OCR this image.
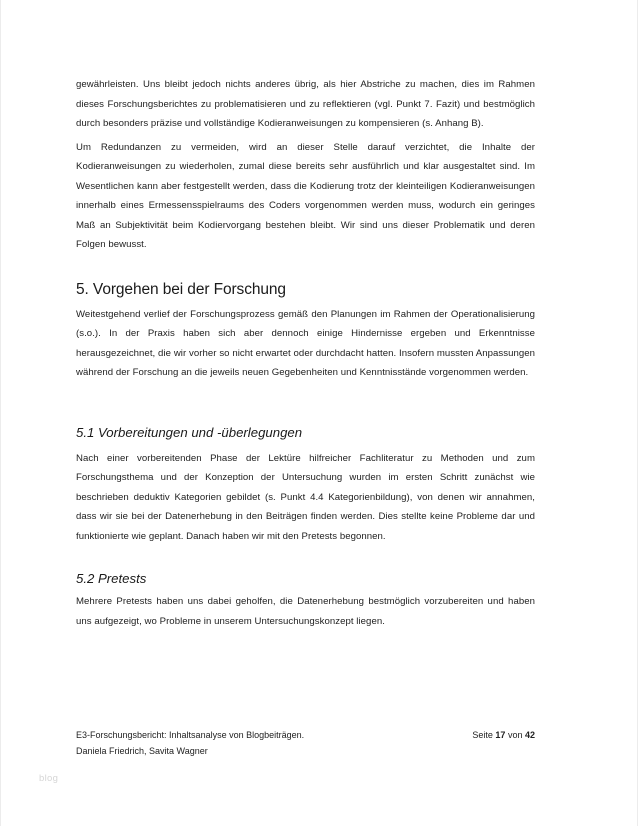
gewährleisten. Uns bleibt jedoch nichts anderes übrig, als hier Abstriche zu machen, dies im Rahmen dieses Forschungsberichtes zu problematisieren und zu reflektieren (vgl. Punkt 7. Fazit) und bestmöglich durch besonders präzise und vollständige Kodieranweisungen zu kompensieren (s. Anhang B).

Um Redundanzen zu vermeiden, wird an dieser Stelle darauf verzichtet, die Inhalte der Kodieranweisungen zu wiederholen, zumal diese bereits sehr ausführlich und klar ausgestaltet sind. Im Wesentlichen kann aber festgestellt werden, dass die Kodierung trotz der kleinteiligen Kodieranweisungen innerhalb eines Ermessensspielraums des Coders vorgenommen werden muss, wodurch ein geringes Maß an Subjektivität beim Kodiervorgang bestehen bleibt. Wir sind uns dieser Problematik und deren Folgen bewusst.

5. Vorgehen bei der Forschung

Weitestgehend verlief der Forschungsprozess gemäß den Planungen im Rahmen der Operationalisierung (s.o.). In der Praxis haben sich aber dennoch einige Hindernisse ergeben und Erkenntnisse herausgezeichnet, die wir vorher so nicht erwartet oder durchdacht hatten. Insofern mussten Anpassungen während der Forschung an die jeweils neuen Gegebenheiten und Kenntnisstände vorgenommen werden.

5.1 Vorbereitungen und -überlegungen

Nach einer vorbereitenden Phase der Lektüre hilfreicher Fachliteratur zu Methoden und zum Forschungsthema und der Konzeption der Untersuchung wurden im ersten Schritt zunächst wie beschrieben deduktiv Kategorien gebildet (s. Punkt 4.4 Kategorienbildung), von denen wir annahmen, dass wir sie bei der Datenerhebung in den Beiträgen finden werden. Dies stellte keine Probleme dar und funktionierte wie geplant. Danach haben wir mit den Pretests begonnen.

5.2 Pretests

Mehrere Pretests haben uns dabei geholfen, die Datenerhebung bestmöglich vorzubereiten und haben uns aufgezeigt, wo Probleme in unserem Untersuchungskonzept liegen.

E3-Forschungsbericht: Inhaltsanalyse von Blogbeiträgen.	Seite 17 von 42
Daniela Friedrich, Savita Wagner
blog
